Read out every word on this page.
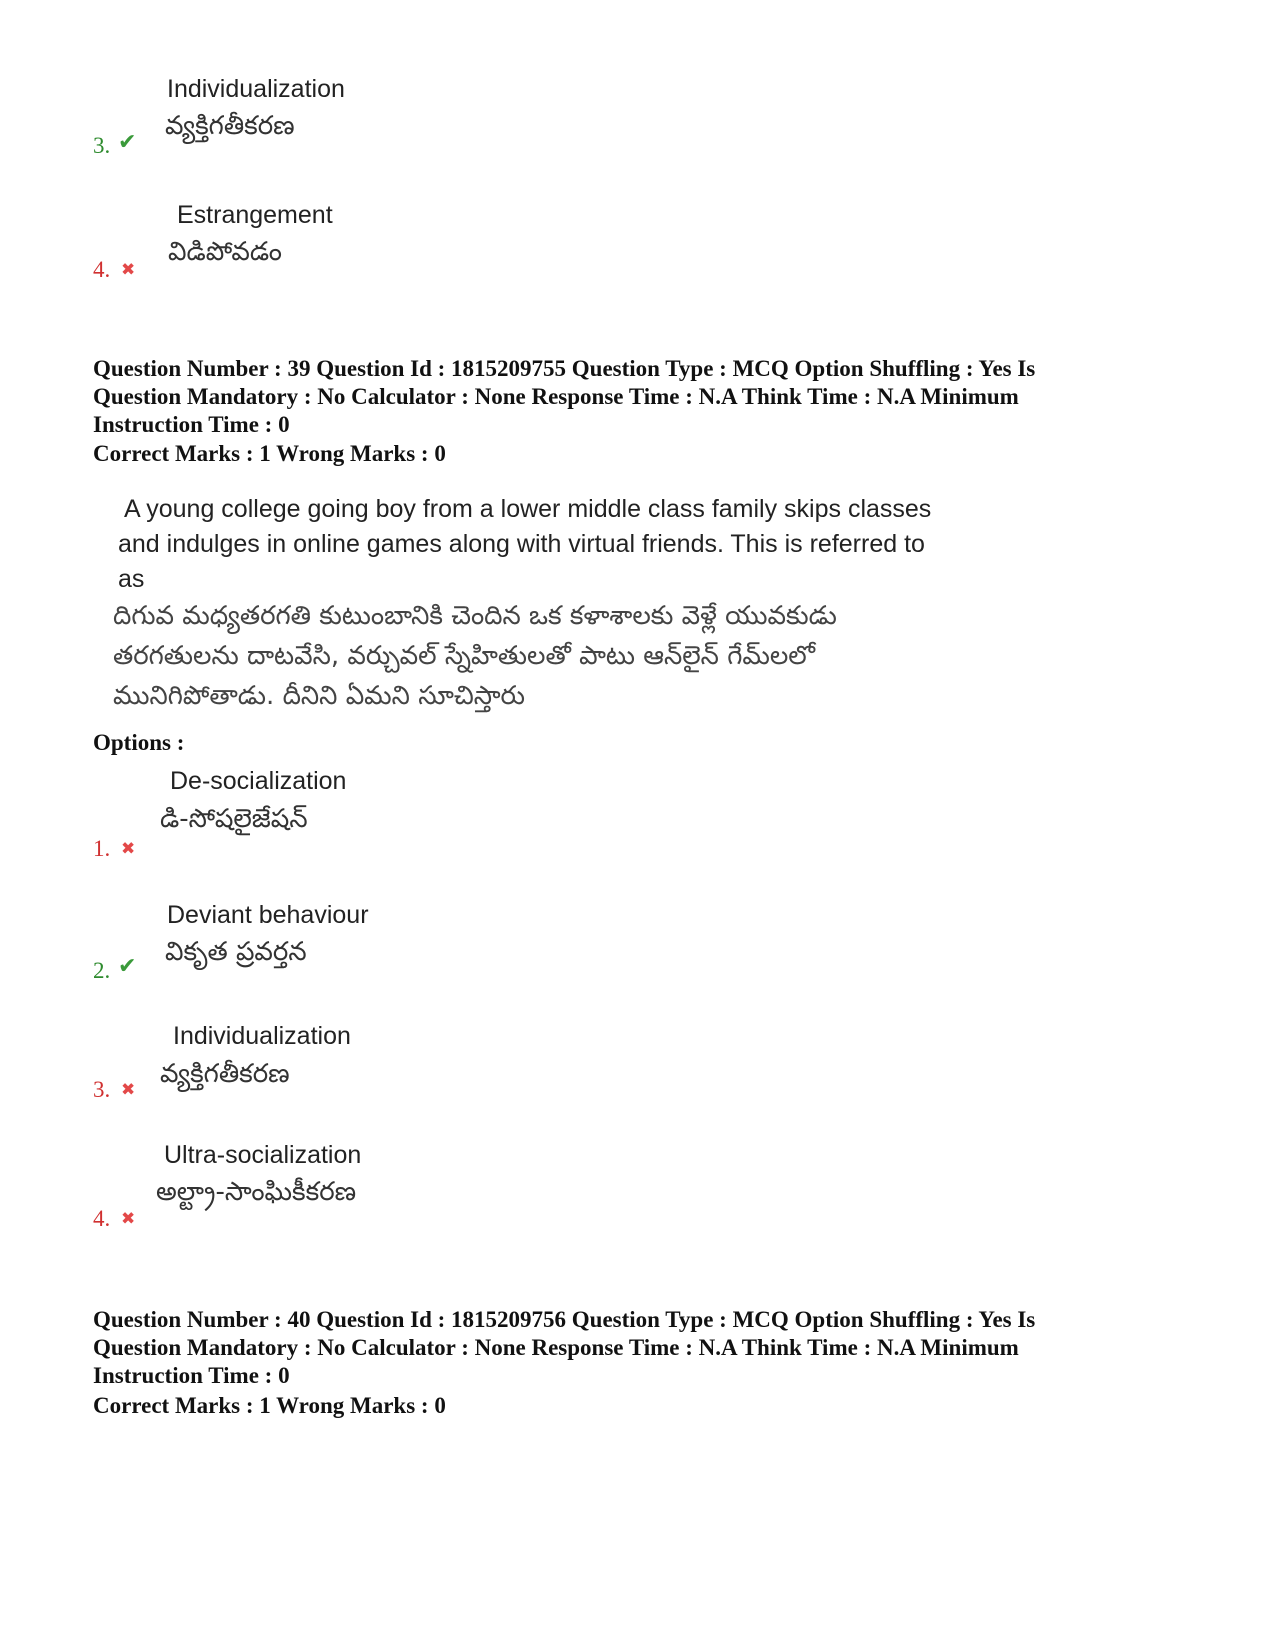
Individualization
వ్యక్తిగతీకరణ
3. ✔
Estrangement
విడిపోవడం
4. ✖
Question Number : 39 Question Id : 1815209755 Question Type : MCQ Option Shuffling : Yes Is
Question Mandatory : No Calculator : None Response Time : N.A Think Time : N.A Minimum
Instruction Time : 0
Correct Marks : 1 Wrong Marks : 0
A young college going boy from a lower middle class family skips classes
and indulges in online games along with virtual friends. This is referred to
as
దిగువ మధ్యతరగతి కుటుంబానికి చెందిన ఒక కళాశాలకు వెళ్లే యువకుడు
తరగతులను దాటవేసి, వర్చువల్ స్నేహితులతో పాటు ఆన్‌లైన్ గేమ్‌లలో
మునిగిపోతాడు. దీనిని ఏమని సూచిస్తారు
Options :
De-socialization
డి-సోషలైజేషన్
1. ✖
Deviant behaviour
వికృత ప్రవర్తన
2. ✔
Individualization
వ్యక్తిగతీకరణ
3. ✖
Ultra-socialization
అల్ట్రా-సాంఘికీకరణ
4. ✖
Question Number : 40 Question Id : 1815209756 Question Type : MCQ Option Shuffling : Yes Is
Question Mandatory : No Calculator : None Response Time : N.A Think Time : N.A Minimum
Instruction Time : 0
Correct Marks : 1 Wrong Marks : 0
